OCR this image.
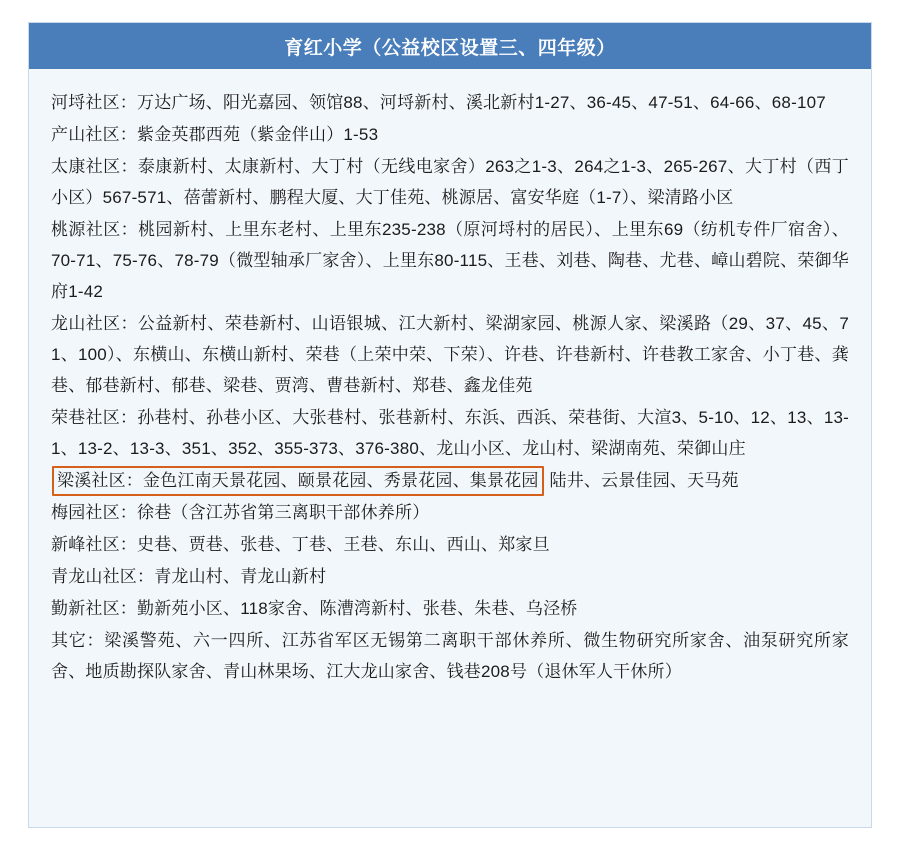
育红小学（公益校区设置三、四年级）

河埒社区：万达广场、阳光嘉园、领馆88、河埒新村、溪北新村1-27、36-45、47-51、64-66、68-107

产山社区：紫金英郡西苑（紫金伴山）1-53

太康社区：泰康新村、太康新村、大丁村（无线电家舍）263之1-3、264之1-3、265-267、大丁村（西丁小区）567-571、蓓蕾新村、鹏程大厦、大丁佳苑、桃源居、富安华庭（1-7）、梁清路小区

桃源社区：桃园新村、上里东老村、上里东235-238（原河埒村的居民）、上里东69（纺机专件厂宿舍）、70-71、75-76、78-79（微型轴承厂家舍）、上里东80-115、王巷、刘巷、陶巷、尤巷、嶂山碧院、荣御华府1-42

龙山社区：公益新村、荣巷新村、山语银城、江大新村、梁湖家园、桃源人家、梁溪路（29、37、45、71、100）、东横山、东横山新村、荣巷（上荣中荣、下荣）、许巷、许巷新村、许巷教工家舍、小丁巷、龚巷、郁巷新村、郁巷、梁巷、贾湾、曹巷新村、郑巷、鑫龙佳苑

荣巷社区：孙巷村、孙巷小区、大张巷村、张巷新村、东浜、西浜、荣巷街、大渲3、5-10、12、13、13-1、13-2、13-3、351、352、355-373、376-380、龙山小区、龙山村、梁湖南苑、荣御山庄

梁溪社区：金色江南天景花园、颐景花园、秀景花园、集景花园 陆井、云景佳园、天马苑

梅园社区：徐巷（含江苏省第三离职干部休养所）

新峰社区：史巷、贾巷、张巷、丁巷、王巷、东山、西山、郑家旦

青龙山社区：青龙山村、青龙山新村

勤新社区：勤新苑小区、118家舍、陈漕湾新村、张巷、朱巷、乌泾桥

其它：梁溪警苑、六一四所、江苏省军区无锡第二离职干部休养所、微生物研究所家舍、油泵研究所家舍、地质勘探队家舍、青山林果场、江大龙山家舍、钱巷208号（退休军人干休所）
